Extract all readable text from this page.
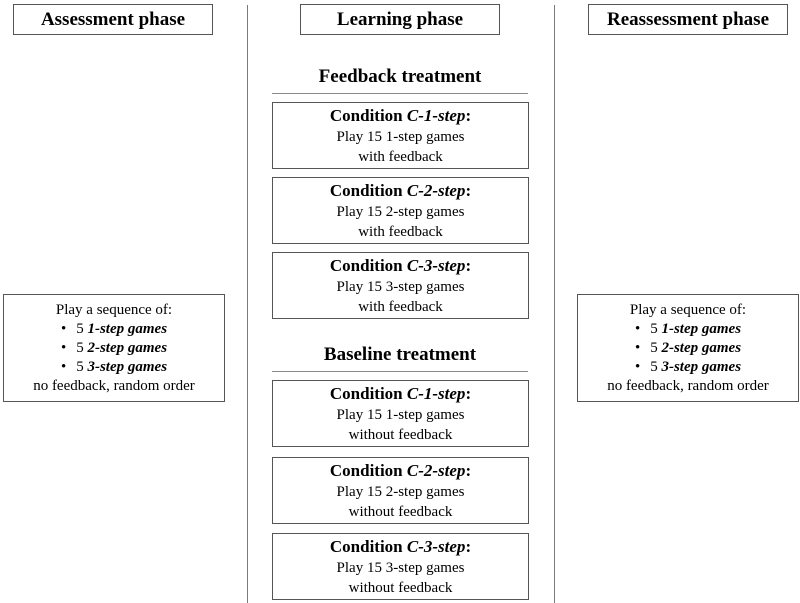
Assessment phase	Learning phase	Reassessment phase
Feedback treatment
Condition C-1-step:
Play 15 1-step games
with feedback
Condition C-2-step:
Play 15 2-step games
with feedback
Condition C-3-step:
Play 15 3-step games
with feedback
Baseline treatment
Condition C-1-step:
Play 15 1-step games
without feedback
Condition C-2-step:
Play 15 2-step games
without feedback
Condition C-3-step:
Play 15 3-step games
without feedback
Play a sequence of:
• 5 1-step games
• 5 2-step games
• 5 3-step games
no feedback, random order
Play a sequence of:
• 5 1-step games
• 5 2-step games
• 5 3-step games
no feedback, random order
